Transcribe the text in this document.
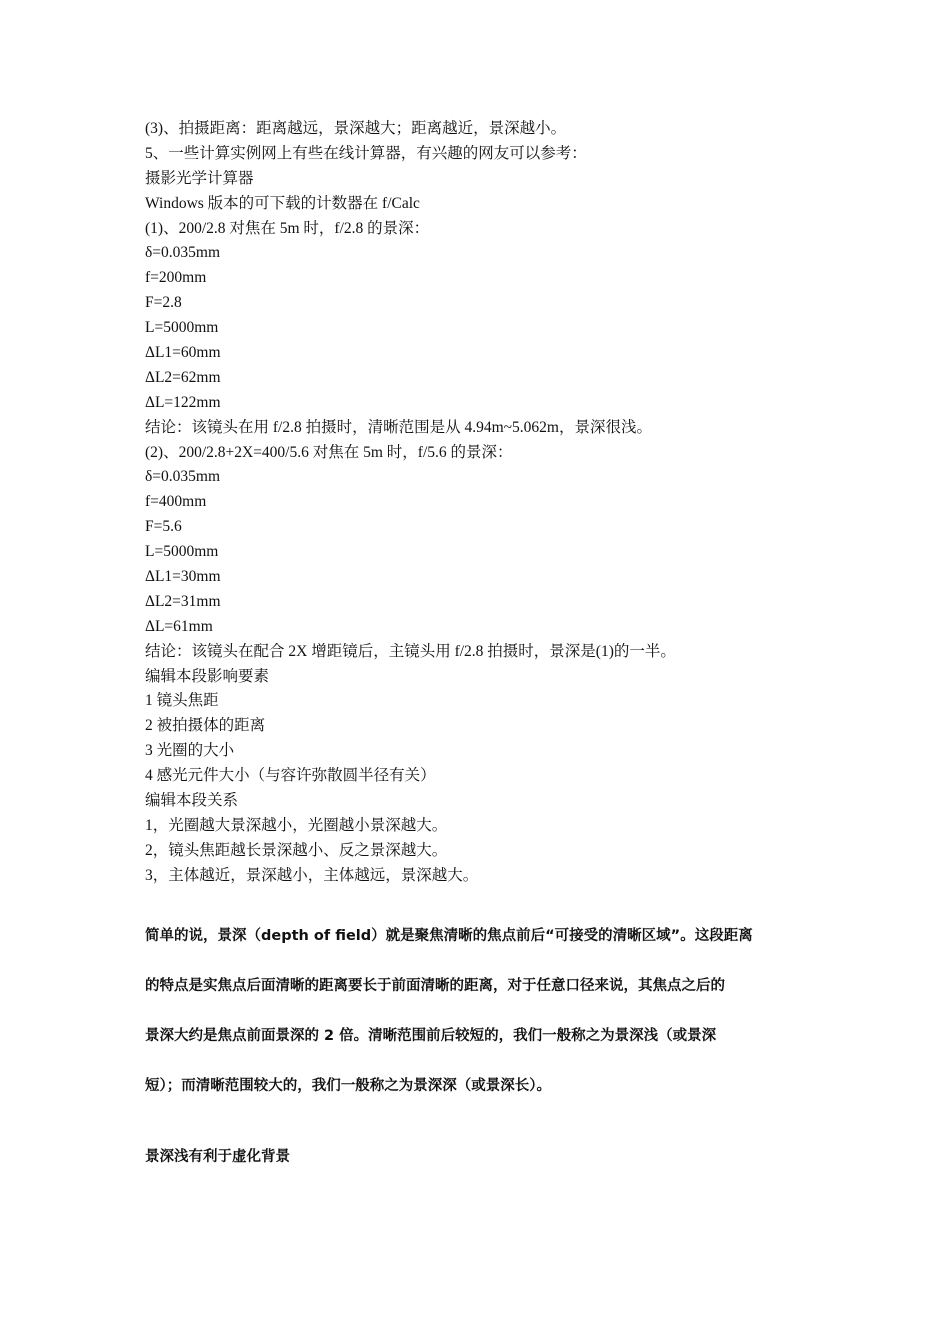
(3)、拍摄距离：距离越远，景深越大；距离越近，景深越小。
5、一些计算实例网上有些在线计算器，有兴趣的网友可以参考：
摄影光学计算器
Windows 版本的可下载的计数器在 f/Calc
(1)、200/2.8 对焦在 5m 时，f/2.8 的景深：
δ=0.035mm
f=200mm
F=2.8
L=5000mm
ΔL1=60mm
ΔL2=62mm
ΔL=122mm
结论：该镜头在用 f/2.8 拍摄时，清晰范围是从 4.94m~5.062m，景深很浅。
(2)、200/2.8+2X=400/5.6 对焦在 5m 时，f/5.6 的景深：
δ=0.035mm
f=400mm
F=5.6
L=5000mm
ΔL1=30mm
ΔL2=31mm
ΔL=61mm
结论：该镜头在配合 2X 增距镜后，主镜头用 f/2.8 拍摄时，景深是(1)的一半。
编辑本段影响要素
1 镜头焦距
2 被拍摄体的距离
3 光圈的大小
4 感光元件大小（与容许弥散圆半径有关）
编辑本段关系
1，光圈越大景深越小，光圈越小景深越大。
2，镜头焦距越长景深越小、反之景深越大。
3，主体越近，景深越小，主体越远，景深越大。
简单的说，景深（depth of field）就是聚焦清晰的焦点前后“可接受的清晰区域”。这段距离
的特点是实焦点后面清晰的距离要长于前面清晰的距离，对于任意口径来说，其焦点之后的
景深大约是焦点前面景深的 2 倍。清晰范围前后较短的，我们一般称之为景深浅（或景深
短）；而清晰范围较大的，我们一般称之为景深深（或景深长）。
景深浅有利于虚化背景
